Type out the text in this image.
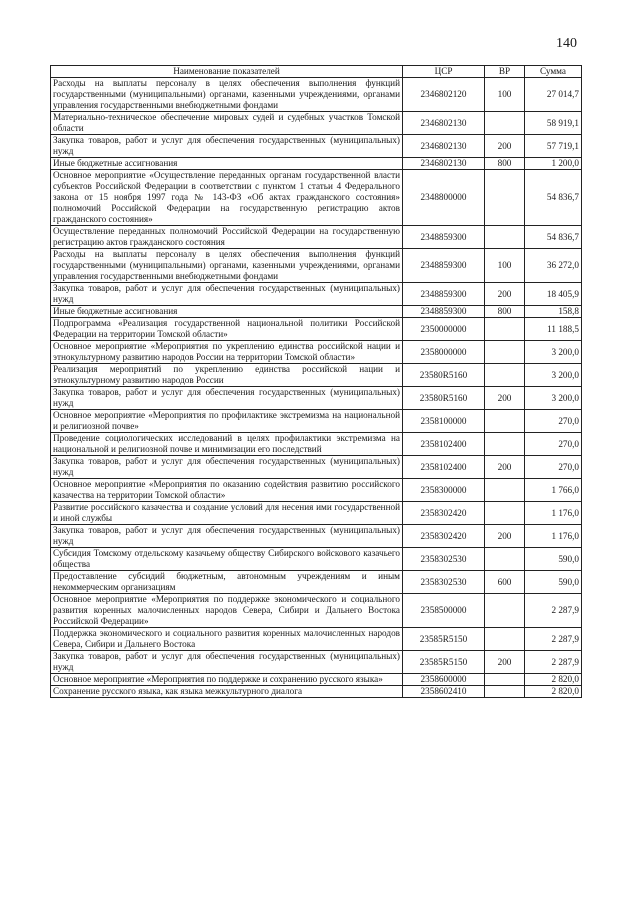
140
Наименование показателей	ЦСР	ВР	Сумма
Расходы на выплаты персоналу в целях обеспечения выполнения функций государственными (муниципальными) органами, казенными учреждениями, органами управления государственными внебюджетными фондами	2346802120	100	27 014,7
Материально-техническое обеспечение мировых судей и судебных участков Томской области	2346802130		58 919,1
Закупка товаров, работ и услуг для обеспечения государственных (муниципальных) нужд	2346802130	200	57 719,1
Иные бюджетные ассигнования	2346802130	800	1 200,0
Основное мероприятие «Осуществление переданных органам государственной власти субъектов Российской Федерации в соответствии с пунктом 1 статьи 4 Федерального закона от 15 ноября 1997 года № 143-ФЗ «Об актах гражданского состояния» полномочий Российской Федерации на государственную регистрацию актов гражданского состояния»	2348800000		54 836,7
Осуществление переданных полномочий Российской Федерации на государственную регистрацию актов гражданского состояния	2348859300		54 836,7
Расходы на выплаты персоналу в целях обеспечения выполнения функций государственными (муниципальными) органами, казенными учреждениями, органами управления государственными внебюджетными фондами	2348859300	100	36 272,0
Закупка товаров, работ и услуг для обеспечения государственных (муниципальных) нужд	2348859300	200	18 405,9
Иные бюджетные ассигнования	2348859300	800	158,8
Подпрограмма «Реализация государственной национальной политики Российской Федерации на территории Томской области»	2350000000		11 188,5
Основное мероприятие «Мероприятия по укреплению единства российской нации и этнокультурному развитию народов России на территории Томской области»	2358000000		3 200,0
Реализация мероприятий по укреплению единства российской нации и этнокультурному развитию народов России	23580R5160		3 200,0
Закупка товаров, работ и услуг для обеспечения государственных (муниципальных) нужд	23580R5160	200	3 200,0
Основное мероприятие «Мероприятия по профилактике экстремизма на национальной и религиозной почве»	2358100000		270,0
Проведение социологических исследований в целях профилактики экстремизма на национальной и религиозной почве и минимизации его последствий	2358102400		270,0
Закупка товаров, работ и услуг для обеспечения государственных (муниципальных) нужд	2358102400	200	270,0
Основное мероприятие «Мероприятия по оказанию содействия развитию российского казачества на территории Томской области»	2358300000		1 766,0
Развитие российского казачества и создание условий для несения ими государственной и иной службы	2358302420		1 176,0
Закупка товаров, работ и услуг для обеспечения государственных (муниципальных) нужд	2358302420	200	1 176,0
Субсидия Томскому отдельскому казачьему обществу Сибирского войскового казачьего общества	2358302530		590,0
Предоставление субсидий бюджетным, автономным учреждениям и иным некоммерческим организациям	2358302530	600	590,0
Основное мероприятие «Мероприятия по поддержке экономического и социального развития коренных малочисленных народов Севера, Сибири и Дальнего Востока Российской Федерации»	2358500000		2 287,9
Поддержка экономического и социального развития коренных малочисленных народов Севера, Сибири и Дальнего Востока	23585R5150		2 287,9
Закупка товаров, работ и услуг для обеспечения государственных (муниципальных) нужд	23585R5150	200	2 287,9
Основное мероприятие «Мероприятия по поддержке и сохранению русского языка»	2358600000		2 820,0
Сохранение русского языка, как языка межкультурного диалога	2358602410		2 820,0
